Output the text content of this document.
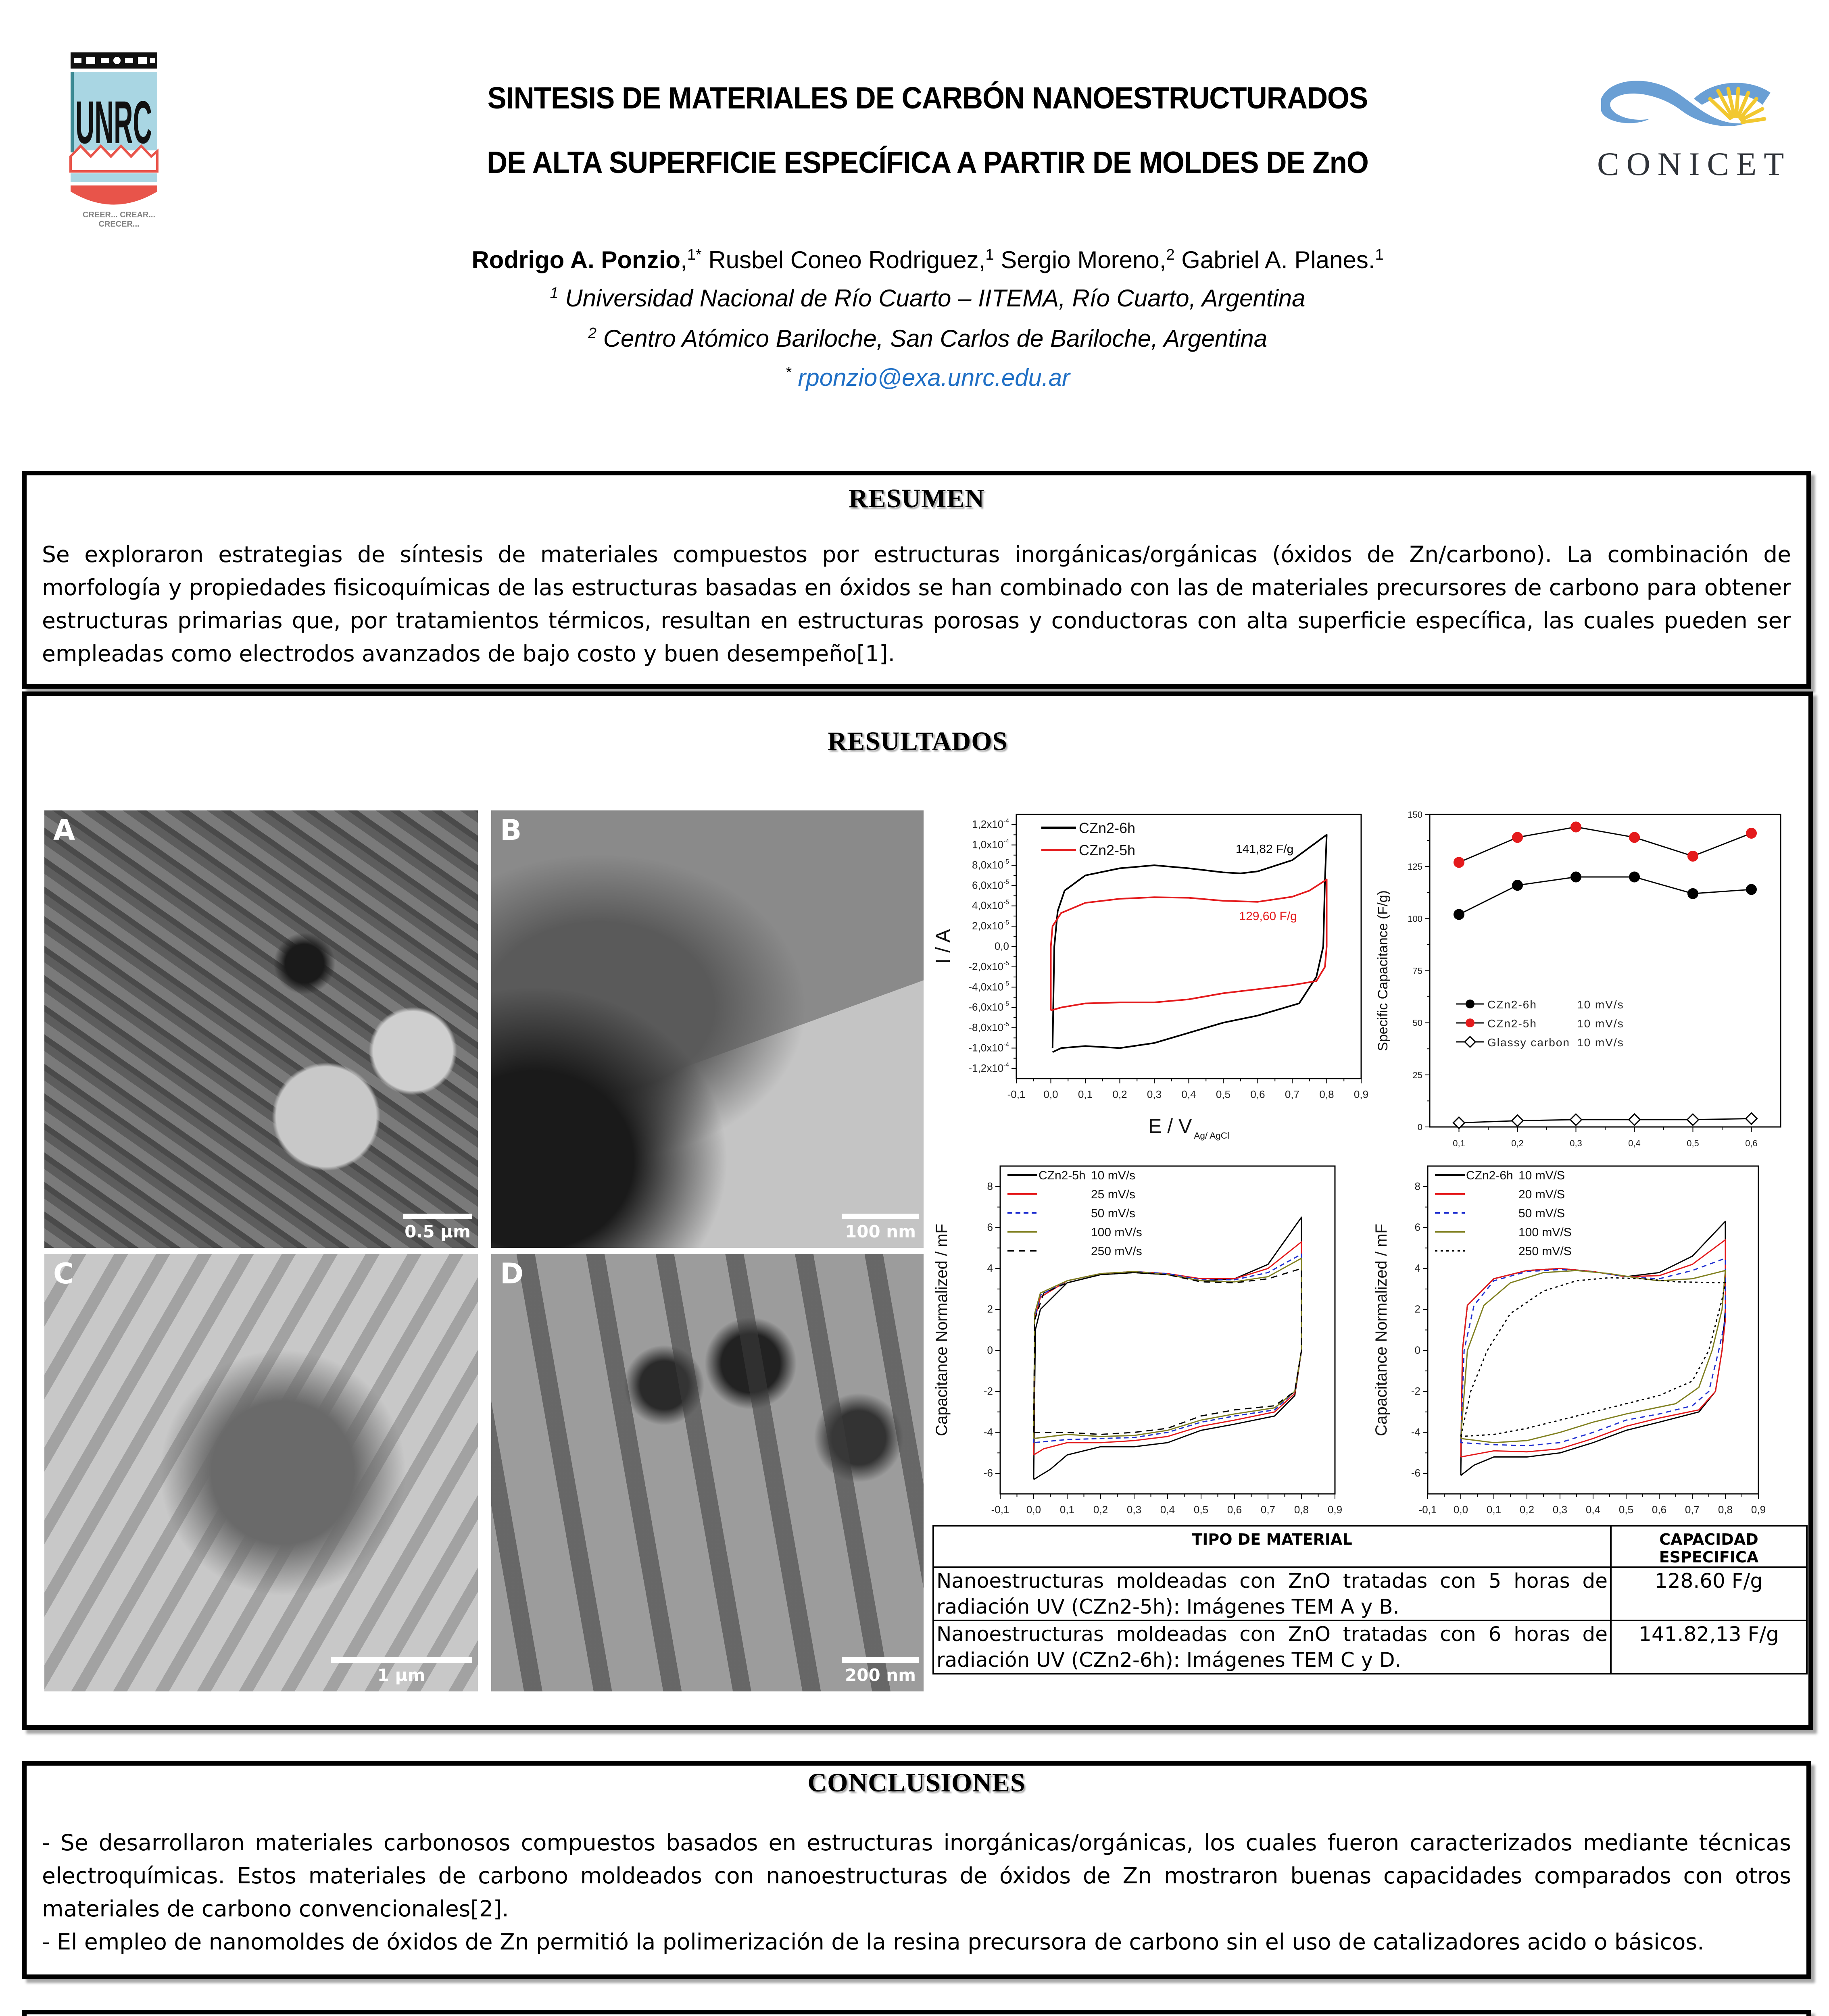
UNRC
CREER... CREAR... CRECER...
CONICET
SINTESIS DE MATERIALES DE CARBÓN NANOESTRUCTURADOS
DE ALTA SUPERFICIE ESPECÍFICA A PARTIR DE MOLDES DE ZnO
Rodrigo A. Ponzio,$^{1*}$ Rusbel Coneo Rodriguez,$^1$ Sergio Moreno,$^2$ Gabriel A. Planes.$^1$
$^1$ Universidad Nacional de Río Cuarto – IITEMA, Río Cuarto, Argentina
$^2$ Centro Atómico Bariloche, San Carlos de Bariloche, Argentina
* rponzio@exa.unrc.edu.ar
RESUMEN

Se exploraron estrategias de síntesis de materiales compuestos por estructuras inorgánicas/orgánicas (óxidos de Zn/carbono). La combinación de morfología y propiedades fisicoquímicas de las estructuras basadas en óxidos se han combinado con las de materiales precursores de carbono para obtener estructuras primarias que, por tratamientos térmicos, resultan en estructuras porosas y conductoras con alta superficie específica, las cuales pueden ser empleadas como electrodos avanzados de bajo costo y buen desempeño[1].

RESULTADOS
A
0.5 µm
B
100 nm
C
1 µm
D
200 nm
-0,1 0,0 0,1 0,2 0,3 0,4 0,5 0,6 0,7 0,8 0,9
$-1,2x10^{-4}$
$-1,0x10^{-4}$
$-8,0x10^{-5}$
$-6,0x10^{-5}$
$-4,0x10^{-5}$
$-2,0x10^{-5}$
0,0
$2,0x10^{-5}$
$4,0x10^{-5}$
$6,0x10^{-5}$
$8,0x10^{-5}$
$1,0x10^{-4}$
$1,2x10^{-4}$
E / V $_{Ag/ AgCl}$
I / A
CZn2-6h
CZn2-5h	141,82 F/g
129,60 F/g
0,1	0,2	0,3	0,4	0,5	0,6
0
25
50
75
100
125
150
Specific Capacitance (F/g)	CZn2-6h	10 mV/s
CZn2-5h	10 mV/s
Glassy carbon 10 mV/s
-0,1 0,0 0,1 0,2 0,3 0,4 0,5 0,6 0,7 0,8 0,9
-6
-4
-2
0
2
4
6
8
Capacitance Normalized / mF
CZn2-5h 10 mV/s
25 mV/s
50 mV/s
100 mV/s
250 mV/s
-0,1 0,0 0,1 0,2 0,3 0,4 0,5 0,6 0,7 0,8 0,9
-6
-4
-2
0
2
4
6
8
Capacitance Normalized / mF
CZn2-6h 10 mV/S
20 mV/S
50 mV/S
100 mV/S
250 mV/S
TIPO DE MATERIAL	CAPACIDAD ESPECIFICA
Nanoestructuras moldeadas con ZnO tratadas con 5 horas de radiación UV (CZn2-5h): Imágenes TEM A y B.	128.60 F/g
Nanoestructuras moldeadas con ZnO tratadas con 6 horas de radiación UV (CZn2-6h): Imágenes TEM C y D.	141.82,13 F/g
CONCLUSIONES

- Se desarrollaron materiales carbonosos compuestos basados en estructuras inorgánicas/orgánicas, los cuales fueron caracterizados mediante técnicas electroquímicas. Estos materiales de carbono moldeados con nanoestructuras de óxidos de Zn mostraron buenas capacidades comparados con otros materiales de carbono convencionales[2].

- El empleo de nanomoldes de óxidos de Zn permitió la polimerización de la resina precursora de carbono sin el uso de catalizadores acido o básicos.
